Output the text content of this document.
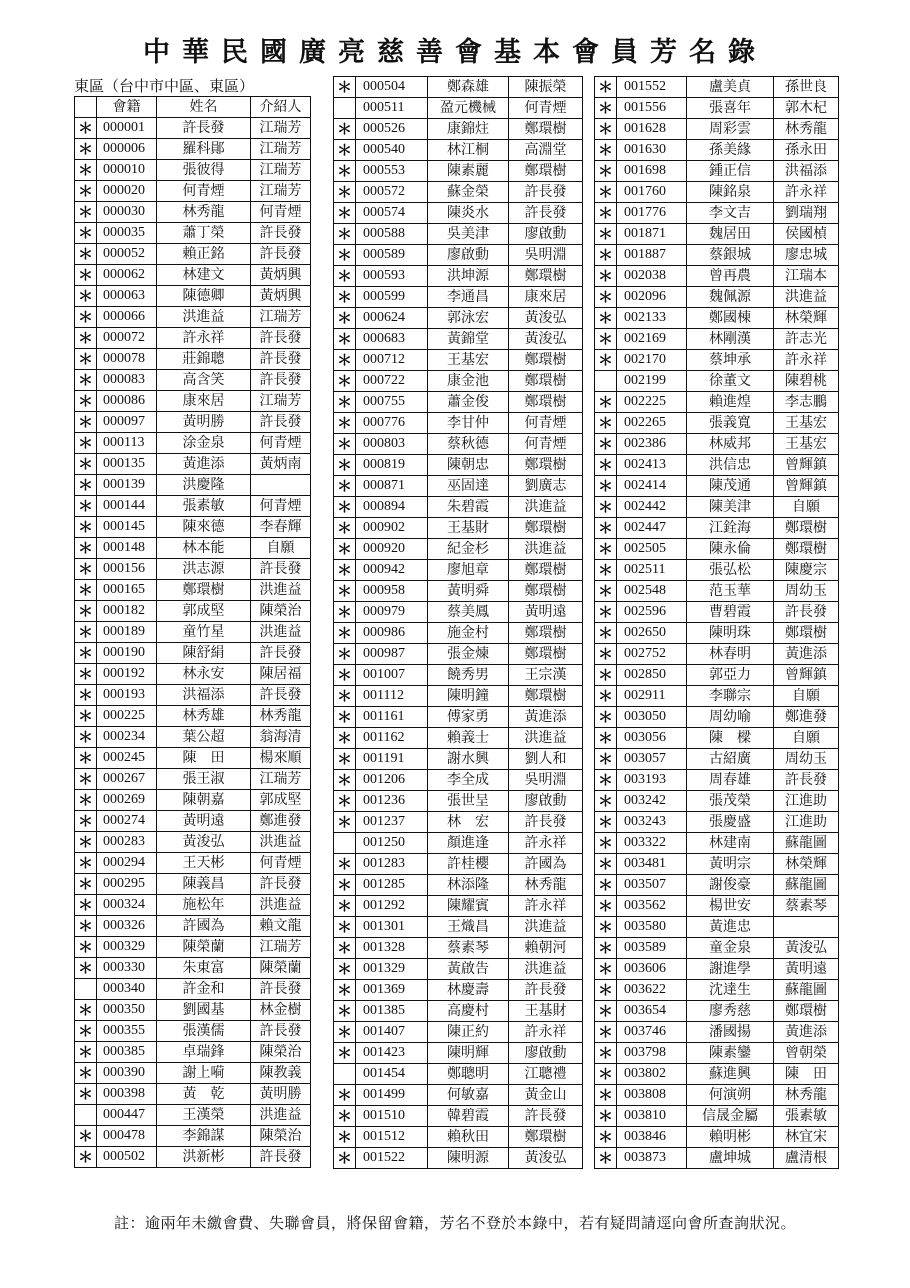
中華民國廣亮慈善會基本會員芳名錄
東區（台中市中區、東區）
	會籍	姓名	介紹人
＊	000001	許長發	江瑞芳
＊	000006	羅科鄖	江瑞芳
＊	000010	張彼得	江瑞芳
＊	000020	何青煙	江瑞芳
＊	000030	林秀龍	何青煙
＊	000035	蕭丁榮	許長發
＊	000052	賴正銘	許長發
＊	000062	林建文	黃炳興
＊	000063	陳德卿	黃炳興
＊	000066	洪進益	江瑞芳
＊	000072	許永祥	許長發
＊	000078	莊錦聰	許長發
＊	000083	高含笑	許長發
＊	000086	康來居	江瑞芳
＊	000097	黃明勝	許長發
＊	000113	涂金泉	何青煙
＊	000135	黃進添	黃炳南
＊	000139	洪慶隆	
＊	000144	張素敏	何青煙
＊	000145	陳來德	李春輝
＊	000148	林本能	自願
＊	000156	洪志源	許長發
＊	000165	鄭環樹	洪進益
＊	000182	郭成堅	陳榮治
＊	000189	童竹星	洪進益
＊	000190	陳舒絹	許長發
＊	000192	林永安	陳居福
＊	000193	洪福添	許長發
＊	000225	林秀雄	林秀龍
＊	000234	葉公超	翁海清
＊	000245	陳　田	楊來順
＊	000267	張王淑	江瑞芳
＊	000269	陳朝嘉	郭成堅
＊	000274	黃明遠	鄭進發
＊	000283	黃浚弘	洪進益
＊	000294	王天彬	何青煙
＊	000295	陳義昌	許長發
＊	000324	施松年	洪進益
＊	000326	許國為	賴文龍
＊	000329	陳榮蘭	江瑞芳
＊	000330	朱東富	陳榮蘭
	000340	許金和	許長發
＊	000350	劉國基	林金樹
＊	000355	張漢儒	許長發
＊	000385	卓瑞鋒	陳榮治
＊	000390	謝上嗬	陳教義
＊	000398	黃　乾	黃明勝
	000447	王漢榮	洪進益
＊	000478	李錦謀	陳榮治
＊	000502	洪新彬	許長發
＊	000504	鄭森雄	陳振榮
	000511	盈元機械	何青煙
＊	000526	康錦炷	鄭環樹
＊	000540	林江桐	高淵堂
＊	000553	陳素麗	鄭環樹
＊	000572	蘇金榮	許長發
＊	000574	陳炎水	許長發
＊	000588	吳美津	廖啟動
＊	000589	廖啟動	吳明淵
＊	000593	洪坤源	鄭環樹
＊	000599	李通昌	康來居
＊	000624	郭泳宏	黃浚弘
＊	000683	黃錦堂	黃浚弘
＊	000712	王基宏	鄭環樹
＊	000722	康金池	鄭環樹
＊	000755	蕭金俊	鄭環樹
＊	000776	李甘仲	何青煙
＊	000803	蔡秋德	何青煙
＊	000819	陳朝忠	鄭環樹
＊	000871	巫固達	劉廣志
＊	000894	朱碧霞	洪進益
＊	000902	王基財	鄭環樹
＊	000920	紀金杉	洪進益
＊	000942	廖旭章	鄭環樹
＊	000958	黃明舜	鄭環樹
＊	000979	蔡美鳳	黃明遠
＊	000986	施金村	鄭環樹
＊	000987	張金煉	鄭環樹
＊	001007	饒秀男	王宗漢
＊	001112	陳明鐘	鄭環樹
＊	001161	傅家勇	黃進添
＊	001162	賴義士	洪進益
＊	001191	謝水興	劉人和
＊	001206	李全成	吳明淵
＊	001236	張世呈	廖啟動
＊	001237	林　宏	許長發
	001250	顏進逢	許永祥
＊	001283	許桂櫻	許國為
＊	001285	林添隆	林秀龍
＊	001292	陳耀賓	許永祥
＊	001301	王熾昌	洪進益
＊	001328	蔡素琴	賴朝河
＊	001329	黃啟告	洪進益
＊	001369	林慶壽	許長發
＊	001385	高慶村	王基財
＊	001407	陳正約	許永祥
＊	001423	陳明輝	廖啟動
	001454	鄭聰明	江聰禮
＊	001499	何敏嘉	黃金山
＊	001510	韓碧霞	許長發
＊	001512	賴秋田	鄭環樹
＊	001522	陳明源	黃浚弘
＊	001552	盧美貞	孫世良
＊	001556	張喜年	郭木杞
＊	001628	周彩雲	林秀龍
＊	001630	孫美緣	孫永田
＊	001698	鍾正信	洪福添
＊	001760	陳銘泉	許永祥
＊	001776	李文吉	劉瑞翔
＊	001871	魏居田	侯國楨
＊	001887	蔡銀城	廖忠城
＊	002038	曾再農	江瑞本
＊	002096	魏佩源	洪進益
＊	002133	鄭國棟	林榮輝
＊	002169	林剛漢	許志光
＊	002170	蔡坤承	許永祥
	002199	徐董文	陳碧桃
＊	002225	賴進煌	李志鵬
＊	002265	張義寬	王基宏
＊	002386	林威邦	王基宏
＊	002413	洪信忠	曾輝鎮
＊	002414	陳茂通	曾輝鎮
＊	002442	陳美津	自願
＊	002447	江銓海	鄭環樹
＊	002505	陳永倫	鄭環樹
＊	002511	張弘松	陳慶宗
＊	002548	范玉華	周幼玉
＊	002596	曹碧霞	許長發
＊	002650	陳明珠	鄭環樹
＊	002752	林春明	黃進添
＊	002850	郭亞力	曾輝鎮
＊	002911	李聯宗	自願
＊	003050	周幼喻	鄭進發
＊	003056	陳　樑	自願
＊	003057	古紹廣	周幼玉
＊	003193	周春雄	許長發
＊	003242	張茂榮	江進助
＊	003243	張慶盛	江進助
＊	003322	林建南	蘇龍圖
＊	003481	黃明宗	林榮輝
＊	003507	謝俊豪	蘇龍圖
＊	003562	楊世安	蔡素琴
＊	003580	黃進忠	
＊	003589	童金泉	黃浚弘
＊	003606	謝進學	黃明遠
＊	003622	沈達生	蘇龍圖
＊	003654	廖秀慈	鄭環樹
＊	003746	潘國揚	黃進添
＊	003798	陳素鑾	曾朝榮
＊	003802	蘇進興	陳　田
＊	003808	何演朔	林秀龍
＊	003810	信晟金屬	張素敏
＊	003846	賴明彬	林宜宋
＊	003873	盧坤城	盧清根
註：逾兩年未繳會費、失聯會員，將保留會籍，芳名不登於本錄中，若有疑問請逕向會所查詢狀況。
